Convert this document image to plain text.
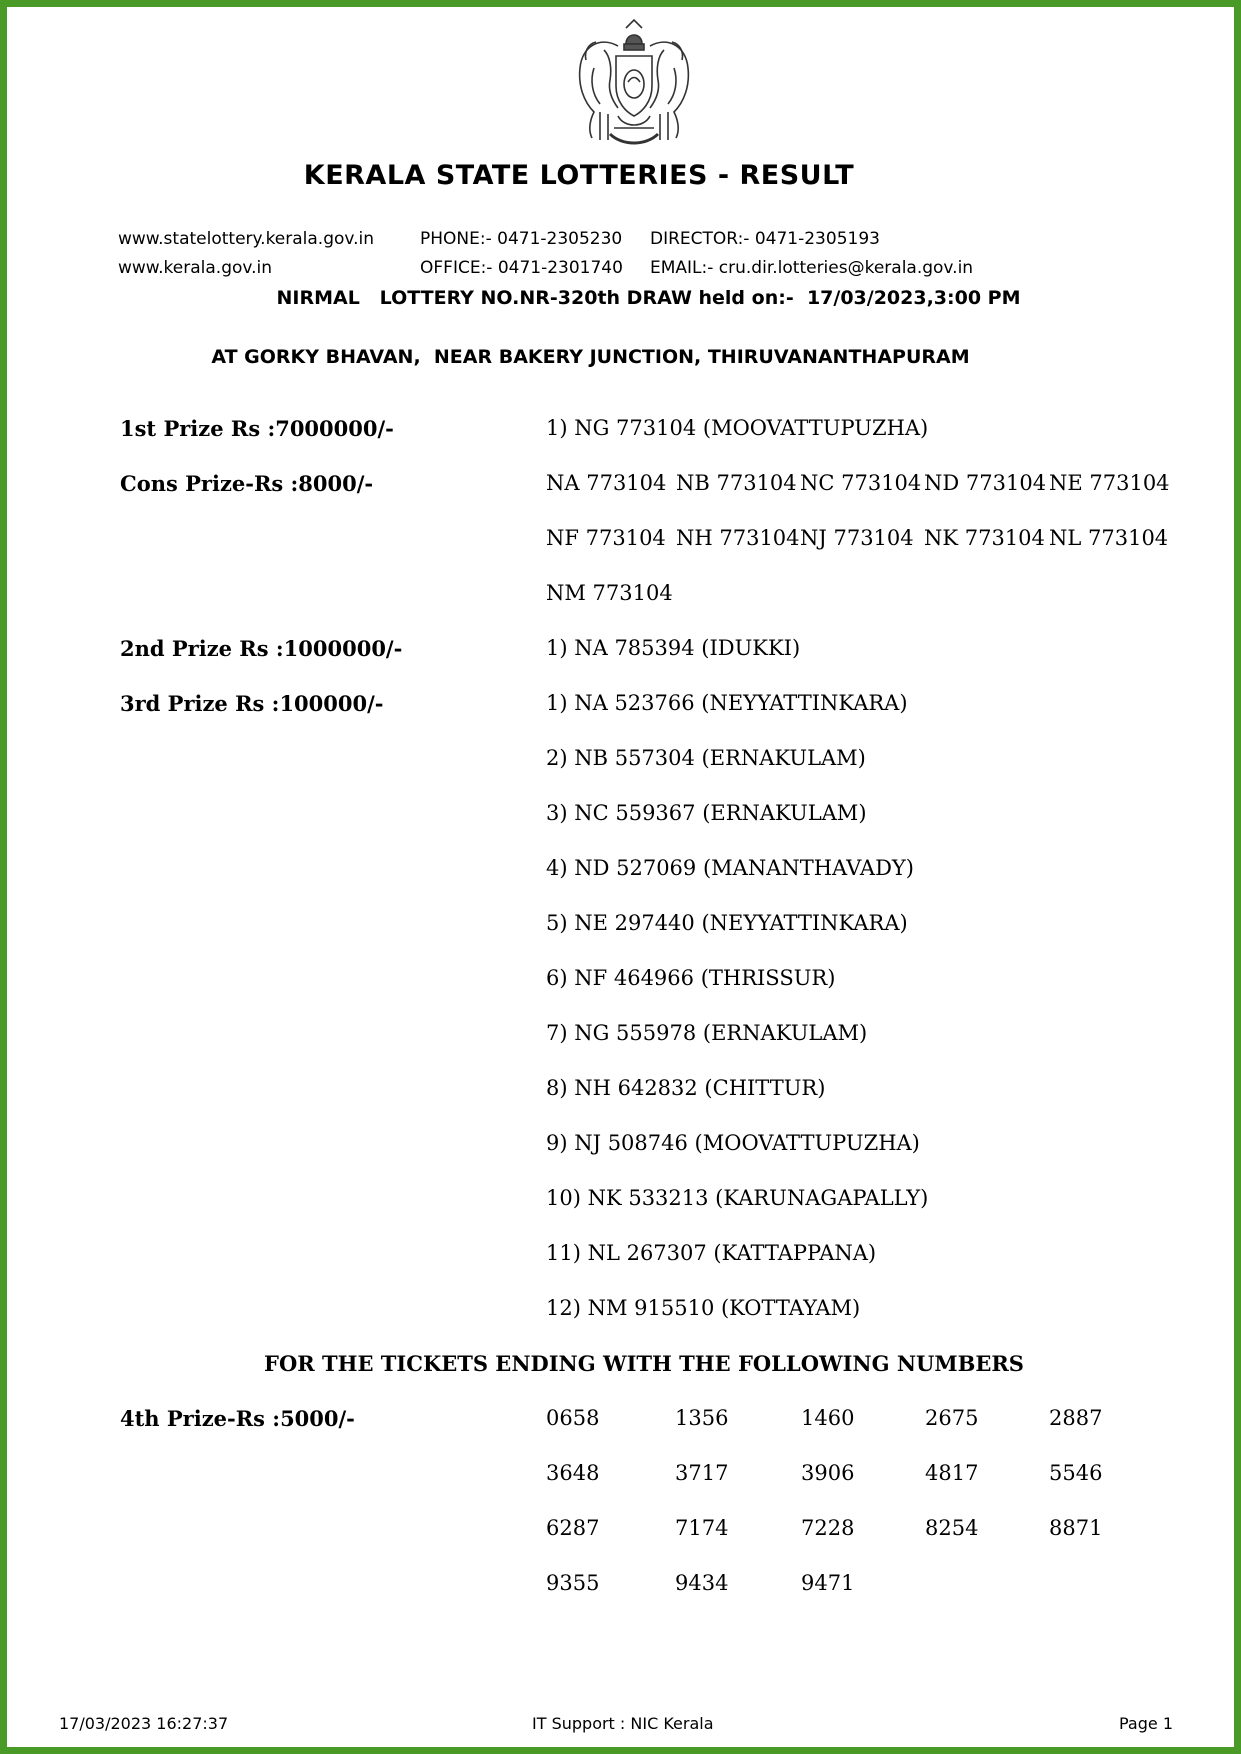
KERALA STATE LOTTERIES - RESULT
www.statelottery.kerala.gov.in
www.kerala.gov.in
PHONE:- 0471-2305230
OFFICE:- 0471-2301740
DIRECTOR:- 0471-2305193
EMAIL:- cru.dir.lotteries@kerala.gov.in
NIRMAL   LOTTERY NO.NR-320th DRAW held on:-  17/03/2023,3:00 PM
AT GORKY BHAVAN,  NEAR BAKERY JUNCTION, THIRUVANANTHAPURAM
1st Prize Rs :7000000/-	1) NG 773104 (MOOVATTUPUZHA)
Cons Prize-Rs :8000/-	NA 773104 NB 773104 NC 773104 ND 773104 NE 773104
NF 773104 NH 773104 NJ 773104 NK 773104 NL 773104
NM 773104
2nd Prize Rs :1000000/-	1) NA 785394 (IDUKKI)
3rd Prize Rs :100000/-	1) NA 523766 (NEYYATTINKARA)
2) NB 557304 (ERNAKULAM)
3) NC 559367 (ERNAKULAM)
4) ND 527069 (MANANTHAVADY)
5) NE 297440 (NEYYATTINKARA)
6) NF 464966 (THRISSUR)
7) NG 555978 (ERNAKULAM)
8) NH 642832 (CHITTUR)
9) NJ 508746 (MOOVATTUPUZHA)
10) NK 533213 (KARUNAGAPALLY)
11) NL 267307 (KATTAPPANA)
12) NM 915510 (KOTTAYAM)
FOR THE TICKETS ENDING WITH THE FOLLOWING NUMBERS
4th Prize-Rs :5000/-	0658	1356	1460	2675	2887
3648	3717	3906	4817	5546
6287	7174	7228	8254	8871
9355	9434	9471
17/03/2023 16:27:37	IT Support : NIC Kerala	Page 1
